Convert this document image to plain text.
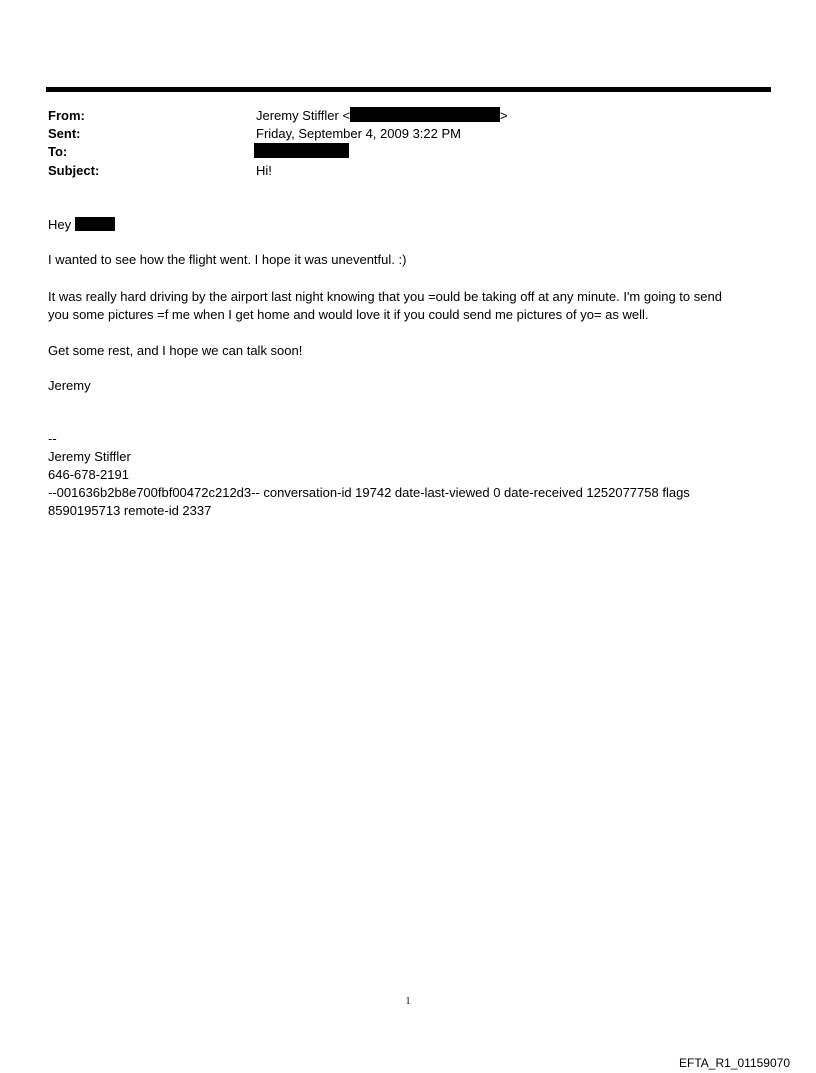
From:	Jeremy Stiffler <	>
Sent:	Friday, September 4, 2009 3:22 PM
To:
Subject:	Hi!
Hey
I wanted to see how the flight went. I hope it was uneventful. :)
It was really hard driving by the airport last night knowing that you =ould be taking off at any minute. I'm going to send
you some pictures =f me when I get home and would love it if you could send me pictures of yo= as well.
Get some rest, and I hope we can talk soon!
Jeremy
--
Jeremy Stiffler
646-678-2191
--001636b2b8e700fbf00472c212d3-- conversation-id 19742 date-last-viewed 0 date-received 1252077758 flags
8590195713 remote-id 2337
1
EFTA_R1_01159070
